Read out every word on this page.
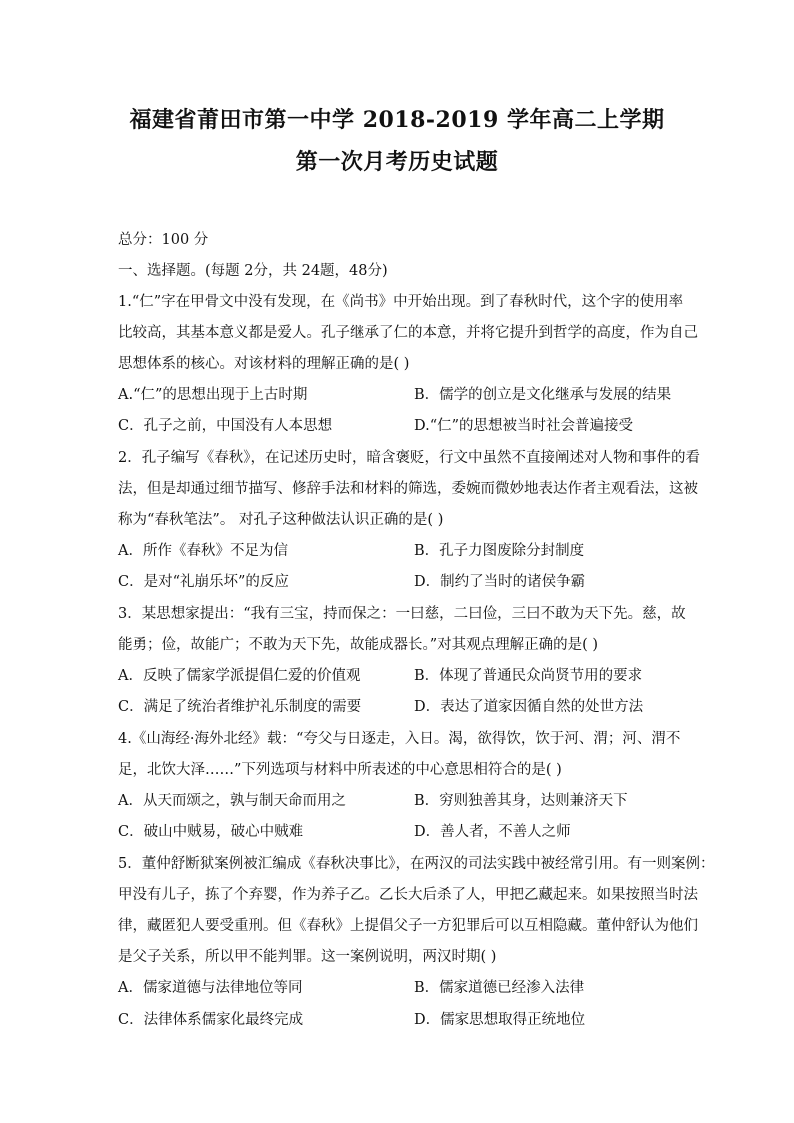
福建省莆田市第一中学 2018-2019 学年高二上学期
第一次月考历史试题
总分：100 分
一、选择题。(每题 2分，共 24题，48分)
1.“仁”字在甲骨文中没有发现，在《尚书》中开始出现。到了春秋时代，这个字的使用率
比较高，其基本意义都是爱人。孔子继承了仁的本意，并将它提升到哲学的高度，作为自己
思想体系的核心。对该材料的理解正确的是( )
A.“仁”的思想出现于上古时期	B．儒学的创立是文化继承与发展的结果
C．孔子之前，中国没有人本思想	D.“仁”的思想被当时社会普遍接受
2．孔子编写《春秋》，在记述历史时，暗含褒贬，行文中虽然不直接阐述对人物和事件的看
法，但是却通过细节描写、修辞手法和材料的筛选，委婉而微妙地表达作者主观看法，这被
称为“春秋笔法”。 对孔子这种做法认识正确的是( )
A．所作《春秋》不足为信	B．孔子力图废除分封制度
C．是对“礼崩乐坏”的反应	D．制约了当时的诸侯争霸
3．某思想家提出：“我有三宝，持而保之：一曰慈，二曰俭，三曰不敢为天下先。慈，故
能勇；俭，故能广；不敢为天下先，故能成器长。”对其观点理解正确的是( )
A．反映了儒家学派提倡仁爱的价值观	B．体现了普通民众尚贤节用的要求
C．满足了统治者维护礼乐制度的需要	D．表达了道家因循自然的处世方法
4.《山海经·海外北经》载：“夸父与日逐走，入日。渴，欲得饮，饮于河、渭；河、渭不
足，北饮大泽……”下列选项与材料中所表述的中心意思相符合的是( )
A．从天而颂之，孰与制天命而用之	B．穷则独善其身，达则兼济天下
C．破山中贼易，破心中贼难	D．善人者，不善人之师
5．董仲舒断狱案例被汇编成《春秋决事比》，在两汉的司法实践中被经常引用。有一则案例：
甲没有儿子，拣了个弃婴，作为养子乙。乙长大后杀了人，甲把乙藏起来。如果按照当时法
律，藏匿犯人要受重刑。但《春秋》上提倡父子一方犯罪后可以互相隐藏。董仲舒认为他们
是父子关系，所以甲不能判罪。这一案例说明，两汉时期( )
A．儒家道德与法律地位等同	B．儒家道德已经渗入法律
C．法律体系儒家化最终完成	D．儒家思想取得正统地位
